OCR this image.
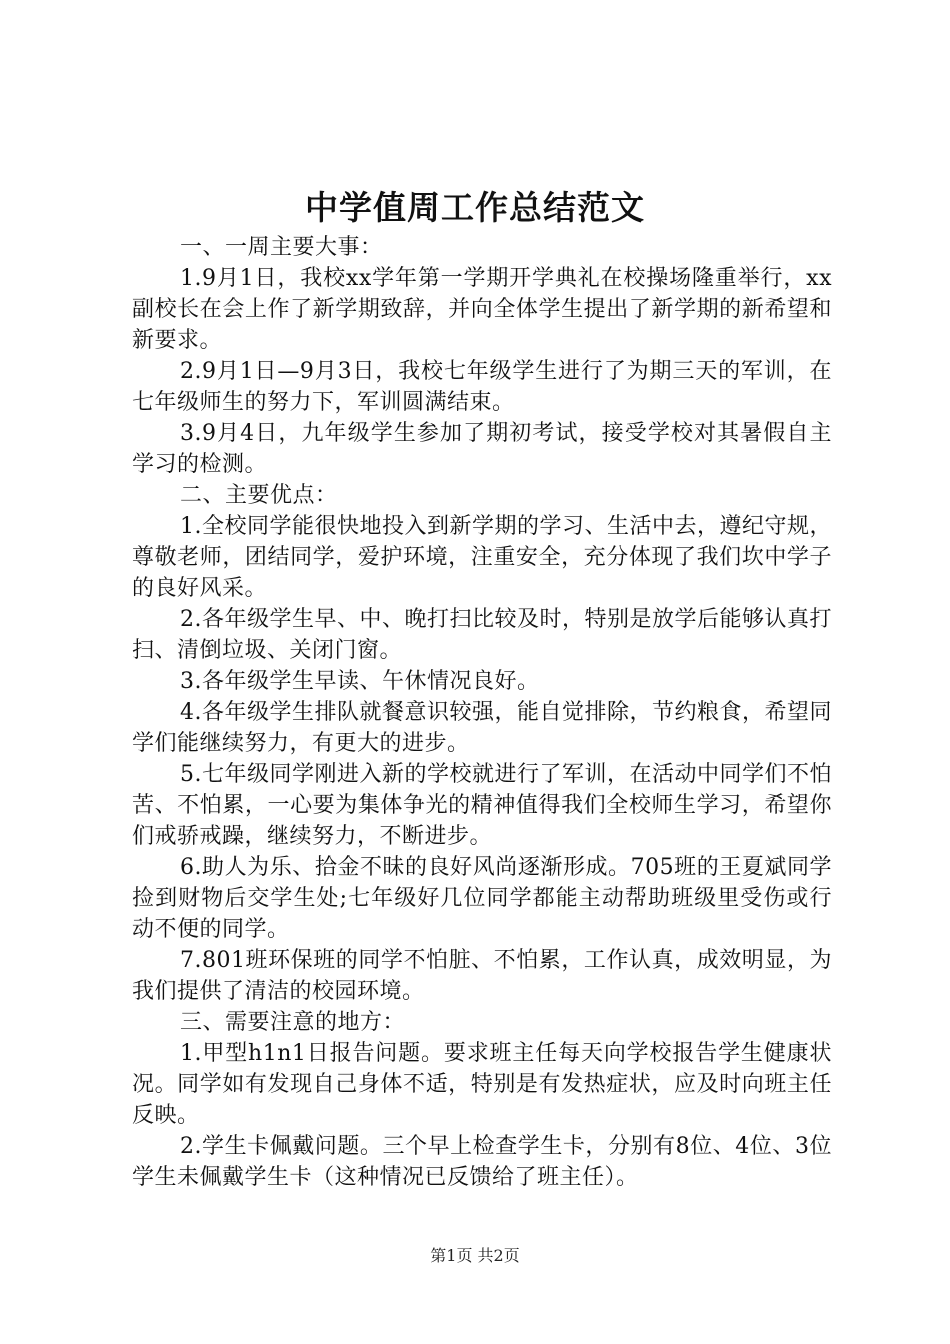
中学值周工作总结范文

一、一周主要大事：

1.9月1日，我校xx学年第一学期开学典礼在校操场隆重举行，xx副校长在会上作了新学期致辞，并向全体学生提出了新学期的新希望和新要求。

2.9月1日—9月3日，我校七年级学生进行了为期三天的军训，在七年级师生的努力下，军训圆满结束。

3.9月4日，九年级学生参加了期初考试，接受学校对其暑假自主学习的检测。

二、主要优点：

1.全校同学能很快地投入到新学期的学习、生活中去，遵纪守规，尊敬老师，团结同学，爱护环境，注重安全，充分体现了我们坎中学子的良好风采。

2.各年级学生早、中、晚打扫比较及时，特别是放学后能够认真打扫、清倒垃圾、关闭门窗。

3.各年级学生早读、午休情况良好。

4.各年级学生排队就餐意识较强，能自觉排除，节约粮食，希望同学们能继续努力，有更大的进步。

5.七年级同学刚进入新的学校就进行了军训，在活动中同学们不怕苦、不怕累，一心要为集体争光的精神值得我们全校师生学习，希望你们戒骄戒躁，继续努力，不断进步。

6.助人为乐、拾金不昧的良好风尚逐渐形成。705班的王夏斌同学捡到财物后交学生处;七年级好几位同学都能主动帮助班级里受伤或行动不便的同学。

7.801班环保班的同学不怕脏、不怕累，工作认真，成效明显，为我们提供了清洁的校园环境。

三、需要注意的地方：

1.甲型h1n1日报告问题。要求班主任每天向学校报告学生健康状况。同学如有发现自己身体不适，特别是有发热症状，应及时向班主任反映。

2.学生卡佩戴问题。三个早上检查学生卡，分别有8位、4位、3位学生未佩戴学生卡（这种情况已反馈给了班主任）。

第1页 共2页
